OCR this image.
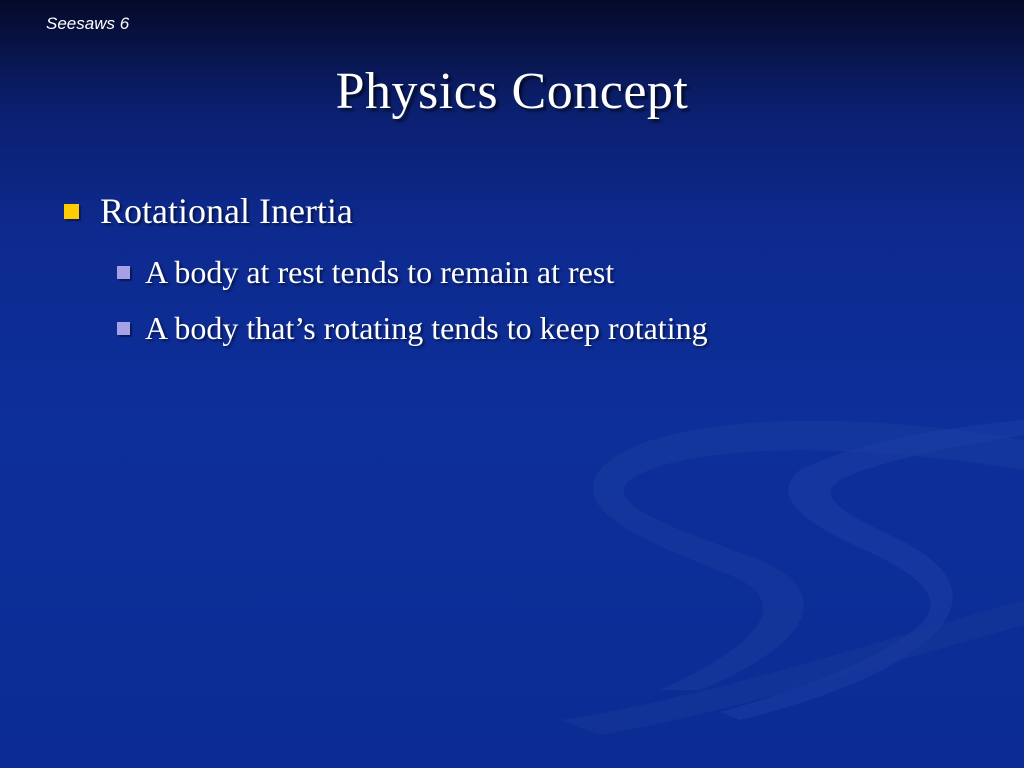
Seesaws 6
Physics Concept
Rotational Inertia
A body at rest tends to remain at rest
A body that’s rotating tends to keep rotating
